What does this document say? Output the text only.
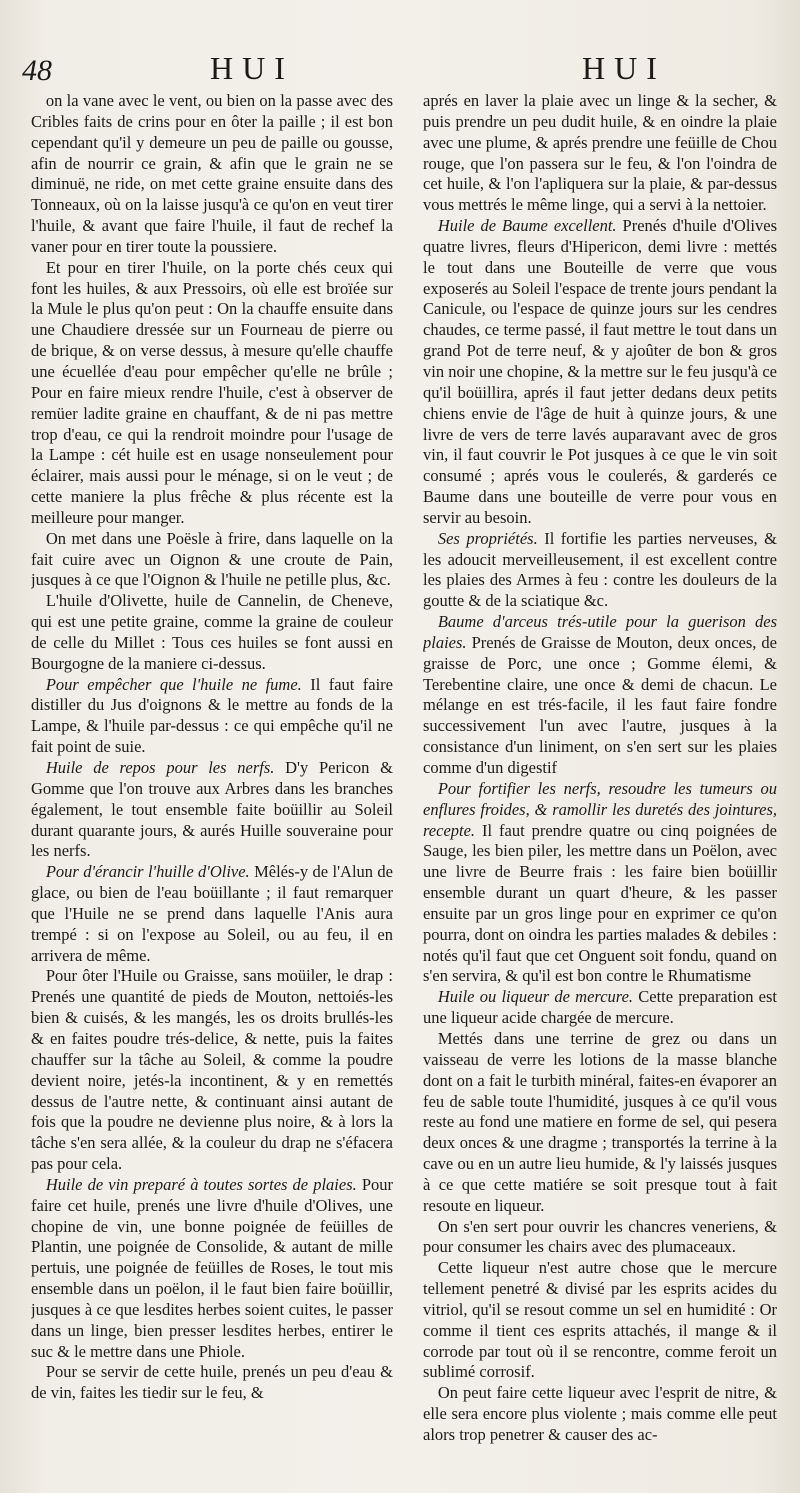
48	HUI	HUI

on la vane avec le vent, ou bien on la passe avec des Cribles faits de crins pour en ôter la paille ; il est bon cependant qu'il y demeure un peu de paille ou gousse, afin de nourrir ce grain, & afin que le grain ne se diminuë, ne ride, on met cette graine ensuite dans des Tonneaux, où on la laisse jusqu'à ce qu'on en veut tirer l'huile, & avant que faire l'huile, il faut de rechef la vaner pour en tirer toute la poussiere.

Et pour en tirer l'huile, on la porte chés ceux qui font les huiles, & aux Pressoirs, où elle est broïée sur la Mule le plus qu'on peut : On la chauffe ensuite dans une Chaudiere dressée sur un Fourneau de pierre ou de brique, & on verse dessus, à mesure qu'elle chauffe une écuellée d'eau pour empêcher qu'elle ne brûle ; Pour en faire mieux rendre l'huile, c'est à observer de remüer ladite graine en chauffant, & de ni pas mettre trop d'eau, ce qui la rendroit moindre pour l'usage de la Lampe : cét huile est en usage nonseulement pour éclairer, mais aussi pour le ménage, si on le veut ; de cette maniere la plus frêche & plus récente est la meilleure pour manger.

On met dans une Poësle à frire, dans laquelle on la fait cuire avec un Oignon & une croute de Pain, jusques à ce que l'Oignon & l'huile ne petille plus, &c.

L'huile d'Olivette, huile de Cannelin, de Cheneve, qui est une petite graine, comme la graine de couleur de celle du Millet : Tous ces huiles se font aussi en Bourgogne de la maniere ci-dessus.

Pour empêcher que l'huile ne fume. Il faut faire distiller du Jus d'oignons & le mettre au fonds de la Lampe, & l'huile par-dessus : ce qui empêche qu'il ne fait point de suie.

Huile de repos pour les nerfs. D'y Pericon & Gomme que l'on trouve aux Arbres dans les branches également, le tout ensemble faite boüillir au Soleil durant quarante jours, & aurés Huille souveraine pour les nerfs.

Pour d'érancir l'huille d'Olive. Mêlés-y de l'Alun de glace, ou bien de l'eau boüillante ; il faut remarquer que l'Huile ne se prend dans laquelle l'Anis aura trempé : si on l'expose au Soleil, ou au feu, il en arrivera de même.

Pour ôter l'Huile ou Graisse, sans moüiler, le drap : Prenés une quantité de pieds de Mouton, nettoiés-les bien & cuisés, & les mangés, les os droits brullés-les & en faites poudre trés-delice, & nette, puis la faites chauffer sur la tâche au Soleil, & comme la poudre devient noire, jetés-la incontinent, & y en remettés dessus de l'autre nette, & continuant ainsi autant de fois que la poudre ne devienne plus noire, & à lors la tâche s'en sera allée, & la couleur du drap ne s'éfacera pas pour cela.

Huile de vin preparé à toutes sortes de plaies. Pour faire cet huile, prenés une livre d'huile d'Olives, une chopine de vin, une bonne poignée de feüilles de Plantin, une poignée de Consolide, & autant de mille pertuis, une poignée de feüilles de Roses, le tout mis ensemble dans un poëlon, il le faut bien faire boüillir, jusques à ce que lesdites herbes soient cuites, le passer dans un linge, bien presser lesdites herbes, entirer le suc & le mettre dans une Phiole.

Pour se servir de cette huile, prenés un peu d'eau & de vin, faites les tiedir sur le feu, &

aprés en laver la plaie avec un linge & la secher, & puis prendre un peu dudit huile, & en oindre la plaie avec une plume, & aprés prendre une feüille de Chou rouge, que l'on passera sur le feu, & l'on l'oindra de cet huile, & l'on l'apliquera sur la plaie, & par-dessus vous mettrés le même linge, qui a servi à la nettoier.

Huile de Baume excellent. Prenés d'huile d'Olives quatre livres, fleurs d'Hipericon, demi livre : mettés le tout dans une Bouteille de verre que vous exposerés au Soleil l'espace de trente jours pendant la Canicule, ou l'espace de quinze jours sur les cendres chaudes, ce terme passé, il faut mettre le tout dans un grand Pot de terre neuf, & y ajoûter de bon & gros vin noir une chopine, & la mettre sur le feu jusqu'à ce qu'il boüillira, aprés il faut jetter dedans deux petits chiens envie de l'âge de huit à quinze jours, & une livre de vers de terre lavés auparavant avec de gros vin, il faut couvrir le Pot jusques à ce que le vin soit consumé ; aprés vous le coulerés, & garderés ce Baume dans une bouteille de verre pour vous en servir au besoin.

Ses propriétés. Il fortifie les parties nerveuses, & les adoucit merveilleusement, il est excellent contre les plaies des Armes à feu : contre les douleurs de la goutte & de la sciatique &c.

Baume d'arceus trés-utile pour la guerison des plaies. Prenés de Graisse de Mouton, deux onces, de graisse de Porc, une once ; Gomme élemi, & Terebentine claire, une once & demi de chacun. Le mélange en est trés-facile, il les faut faire fondre successivement l'un avec l'autre, jusques à la consistance d'un liniment, on s'en sert sur les plaies comme d'un digestif

Pour fortifier les nerfs, resoudre les tumeurs ou enflures froides, & ramollir les duretés des jointures, recepte. Il faut prendre quatre ou cinq poignées de Sauge, les bien piler, les mettre dans un Poëlon, avec une livre de Beurre frais : les faire bien boüillir ensemble durant un quart d'heure, & les passer ensuite par un gros linge pour en exprimer ce qu'on pourra, dont on oindra les parties malades & debiles : notés qu'il faut que cet Onguent soit fondu, quand on s'en servira, & qu'il est bon contre le Rhumatisme

Huile ou liqueur de mercure. Cette preparation est une liqueur acide chargée de mercure.

Mettés dans une terrine de grez ou dans un vaisseau de verre les lotions de la masse blanche dont on a fait le turbith minéral, faites-en évaporer an feu de sable toute l'humidité, jusques à ce qu'il vous reste au fond une matiere en forme de sel, qui pesera deux onces & une dragme ; transportés la terrine à la cave ou en un autre lieu humide, & l'y laissés jusques à ce que cette matiére se soit presque tout à fait resoute en liqueur.

On s'en sert pour ouvrir les chancres veneriens, & pour consumer les chairs avec des plumaceaux.

Cette liqueur n'est autre chose que le mercure tellement penetré & divisé par les esprits acides du vitriol, qu'il se resout comme un sel en humidité : Or comme il tient ces esprits attachés, il mange & il corrode par tout où il se rencontre, comme feroit un sublimé corrosif.

On peut faire cette liqueur avec l'esprit de nitre, & elle sera encore plus violente ; mais comme elle peut alors trop penetrer & causer des ac-
